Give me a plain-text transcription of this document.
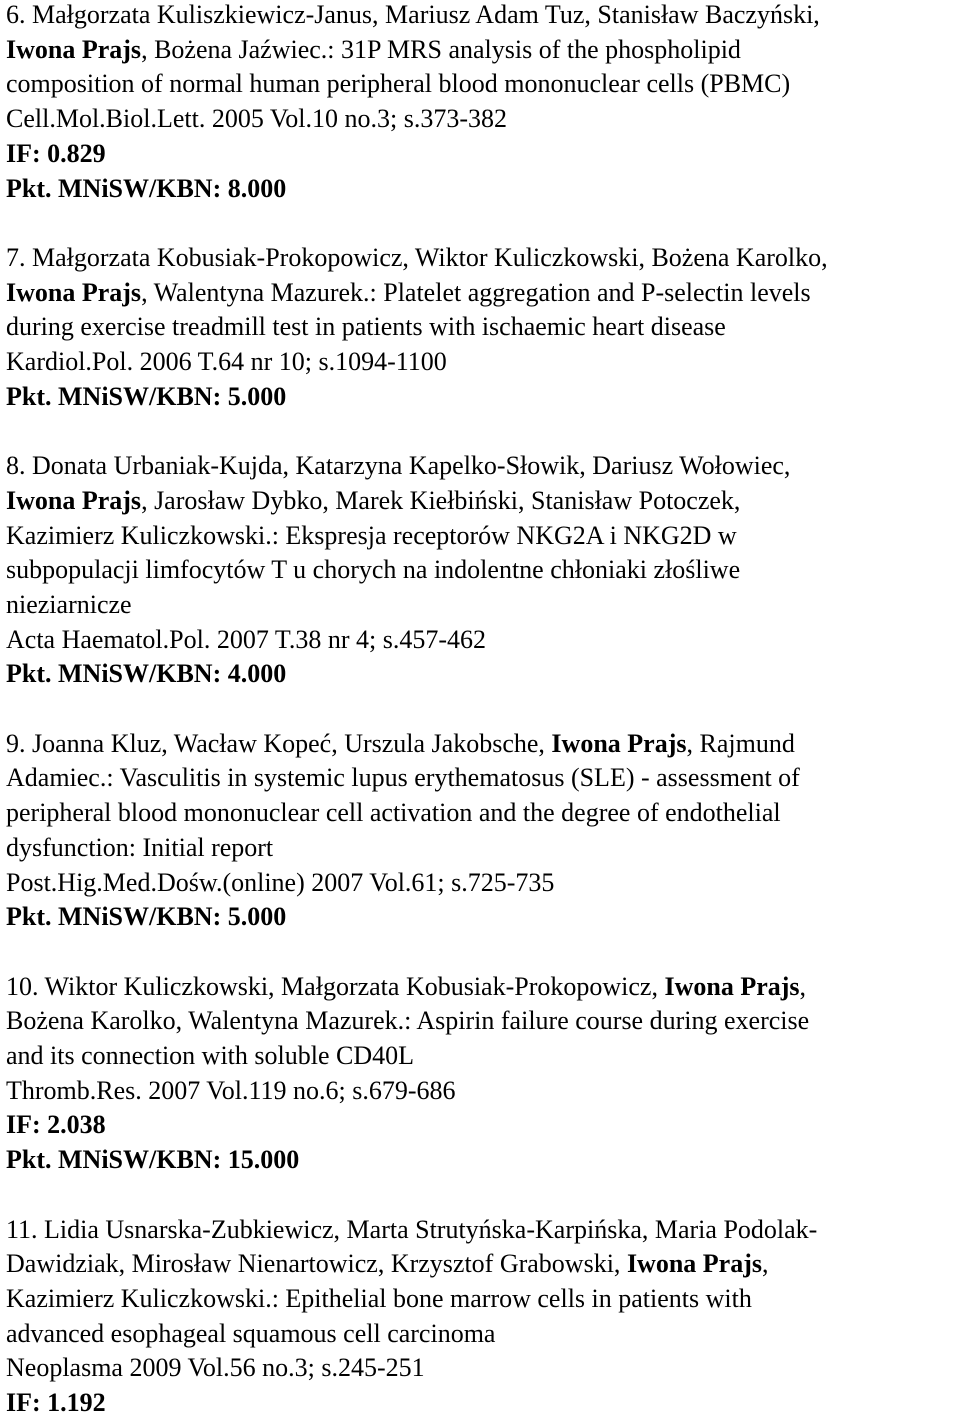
6. Małgorzata Kuliszkiewicz-Janus, Mariusz Adam Tuz, Stanisław Baczyński,
Iwona Prajs, Bożena Jaźwiec.: 31P MRS analysis of the phospholipid
composition of normal human peripheral blood mononuclear cells (PBMC)
Cell.Mol.Biol.Lett. 2005 Vol.10 no.3; s.373-382
IF: 0.829
Pkt. MNiSW/KBN: 8.000
7. Małgorzata Kobusiak-Prokopowicz, Wiktor Kuliczkowski, Bożena Karolko,
Iwona Prajs, Walentyna Mazurek.: Platelet aggregation and P-selectin levels
during exercise treadmill test in patients with ischaemic heart disease
Kardiol.Pol. 2006 T.64 nr 10; s.1094-1100
Pkt. MNiSW/KBN: 5.000
8. Donata Urbaniak-Kujda, Katarzyna Kapelko-Słowik, Dariusz Wołowiec,
Iwona Prajs, Jarosław Dybko, Marek Kiełbiński, Stanisław Potoczek,
Kazimierz Kuliczkowski.: Ekspresja receptorów NKG2A i NKG2D w
subpopulacji limfocytów T u chorych na indolentne chłoniaki złośliwe
nieziarnicze
Acta Haematol.Pol. 2007 T.38 nr 4; s.457-462
Pkt. MNiSW/KBN: 4.000
9. Joanna Kluz, Wacław Kopeć, Urszula Jakobsche, Iwona Prajs, Rajmund
Adamiec.: Vasculitis in systemic lupus erythematosus (SLE) - assessment of
peripheral blood mononuclear cell activation and the degree of endothelial
dysfunction: Initial report
Post.Hig.Med.Dośw.(online) 2007 Vol.61; s.725-735
Pkt. MNiSW/KBN: 5.000
10. Wiktor Kuliczkowski, Małgorzata Kobusiak-Prokopowicz, Iwona Prajs,
Bożena Karolko, Walentyna Mazurek.: Aspirin failure course during exercise
and its connection with soluble CD40L
Thromb.Res. 2007 Vol.119 no.6; s.679-686
IF: 2.038
Pkt. MNiSW/KBN: 15.000
11. Lidia Usnarska-Zubkiewicz, Marta Strutyńska-Karpińska, Maria Podolak-
Dawidziak, Mirosław Nienartowicz, Krzysztof Grabowski, Iwona Prajs,
Kazimierz Kuliczkowski.: Epithelial bone marrow cells in patients with
advanced esophageal squamous cell carcinoma
Neoplasma 2009 Vol.56 no.3; s.245-251
IF: 1.192
